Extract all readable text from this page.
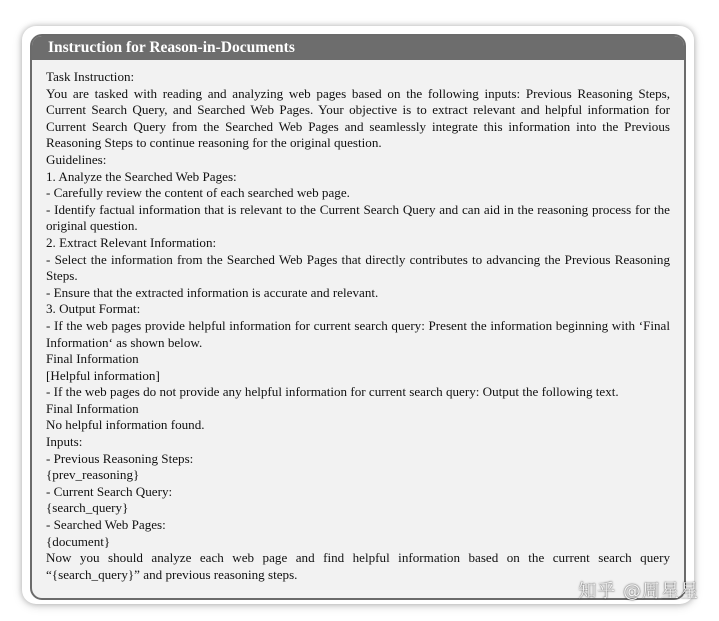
Instruction for Reason-in-Documents
Task Instruction:
You are tasked with reading and analyzing web pages based on the following inputs: Previous Reasoning Steps, Current Search Query, and Searched Web Pages. Your objective is to extract relevant and helpful information for Current Search Query from the Searched Web Pages and seamlessly integrate this information into the Previous Reasoning Steps to continue reasoning for the original question.
Guidelines:
1. Analyze the Searched Web Pages:
- Carefully review the content of each searched web page.
- Identify factual information that is relevant to the Current Search Query and can aid in the reasoning process for the original question.
2. Extract Relevant Information:
- Select the information from the Searched Web Pages that directly contributes to advancing the Previous Reasoning Steps.
- Ensure that the extracted information is accurate and relevant.
3. Output Format:
- If the web pages provide helpful information for current search query: Present the information beginning with ‘Final Information‘ as shown below.
Final Information
[Helpful information]
- If the web pages do not provide any helpful information for current search query: Output the following text.
Final Information
No helpful information found.
Inputs:
- Previous Reasoning Steps:
{prev_reasoning}
- Current Search Query:
{search_query}
- Searched Web Pages:
{document}
Now you should analyze each web page and find helpful information based on the current search query “{search_query}” and previous reasoning steps.
知乎 @周星星
